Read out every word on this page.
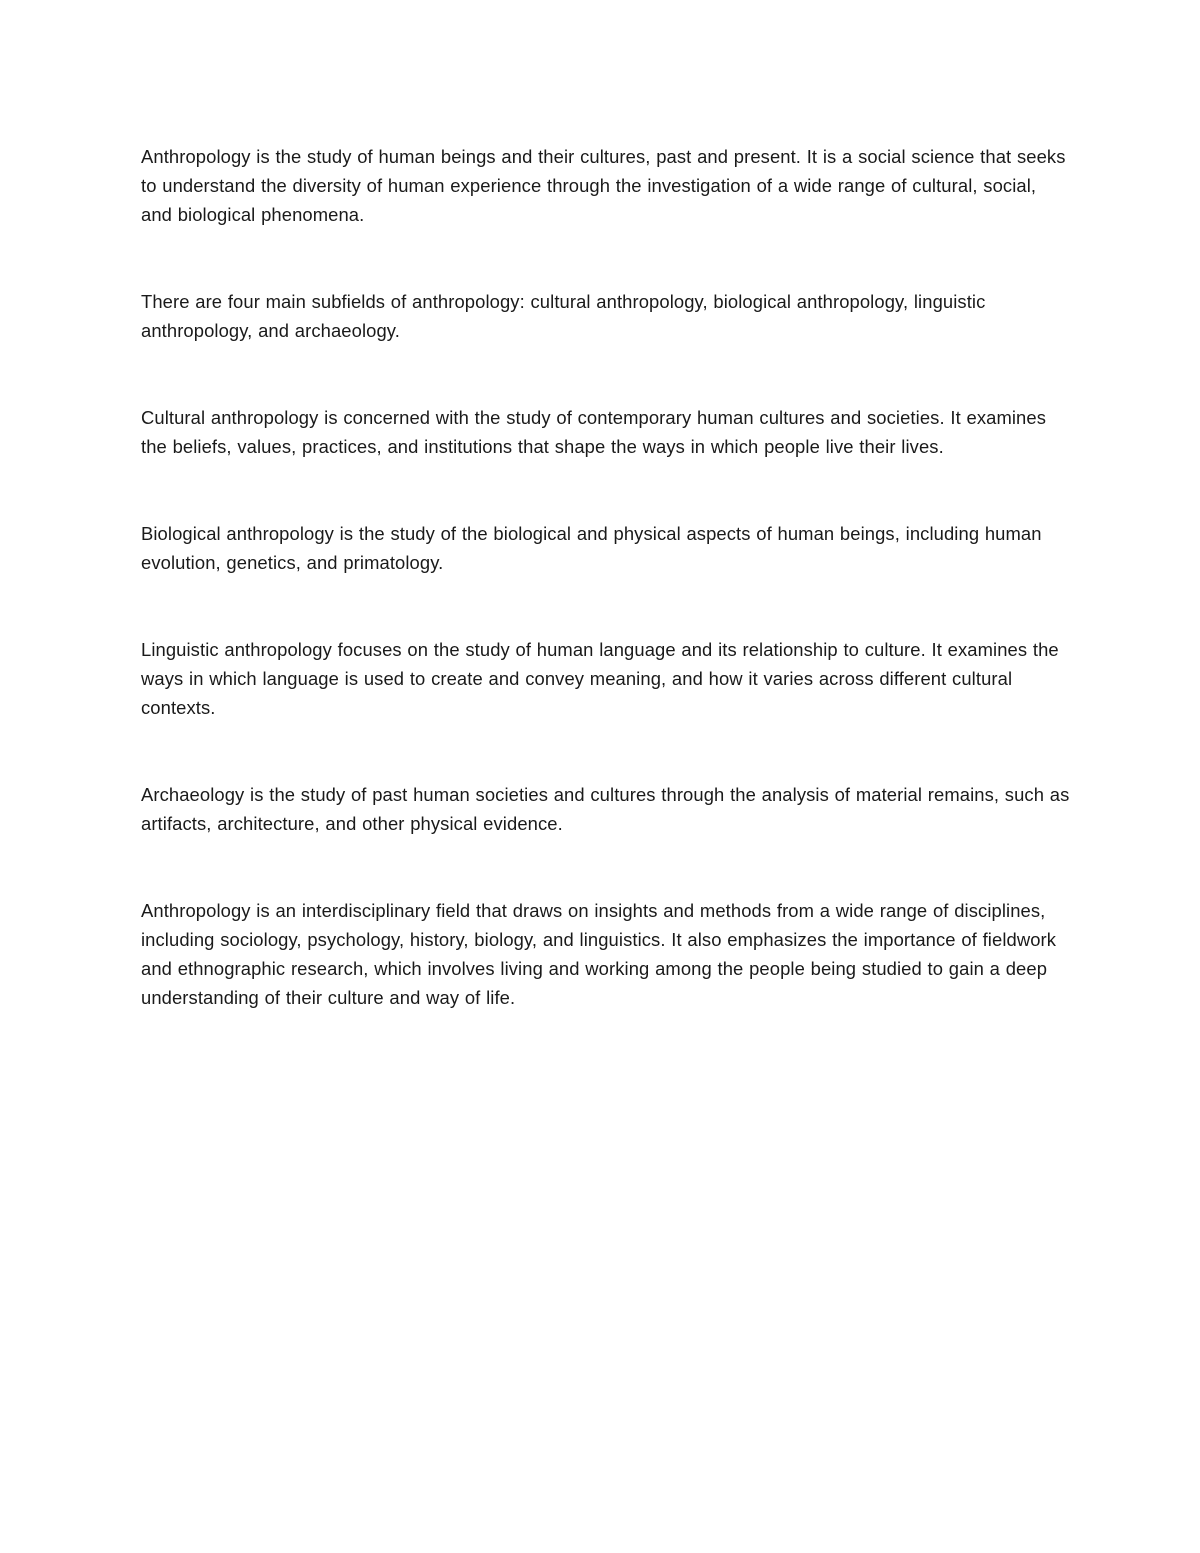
Anthropology is the study of human beings and their cultures, past and present. It is a social science that seeks to understand the diversity of human experience through the investigation of a wide range of cultural, social, and biological phenomena.

There are four main subfields of anthropology: cultural anthropology, biological anthropology, linguistic anthropology, and archaeology.

Cultural anthropology is concerned with the study of contemporary human cultures and societies. It examines the beliefs, values, practices, and institutions that shape the ways in which people live their lives.

Biological anthropology is the study of the biological and physical aspects of human beings, including human evolution, genetics, and primatology.

Linguistic anthropology focuses on the study of human language and its relationship to culture. It examines the ways in which language is used to create and convey meaning, and how it varies across different cultural contexts.

Archaeology is the study of past human societies and cultures through the analysis of material remains, such as artifacts, architecture, and other physical evidence.

Anthropology is an interdisciplinary field that draws on insights and methods from a wide range of disciplines, including sociology, psychology, history, biology, and linguistics. It also emphasizes the importance of fieldwork and ethnographic research, which involves living and working among the people being studied to gain a deep understanding of their culture and way of life.
